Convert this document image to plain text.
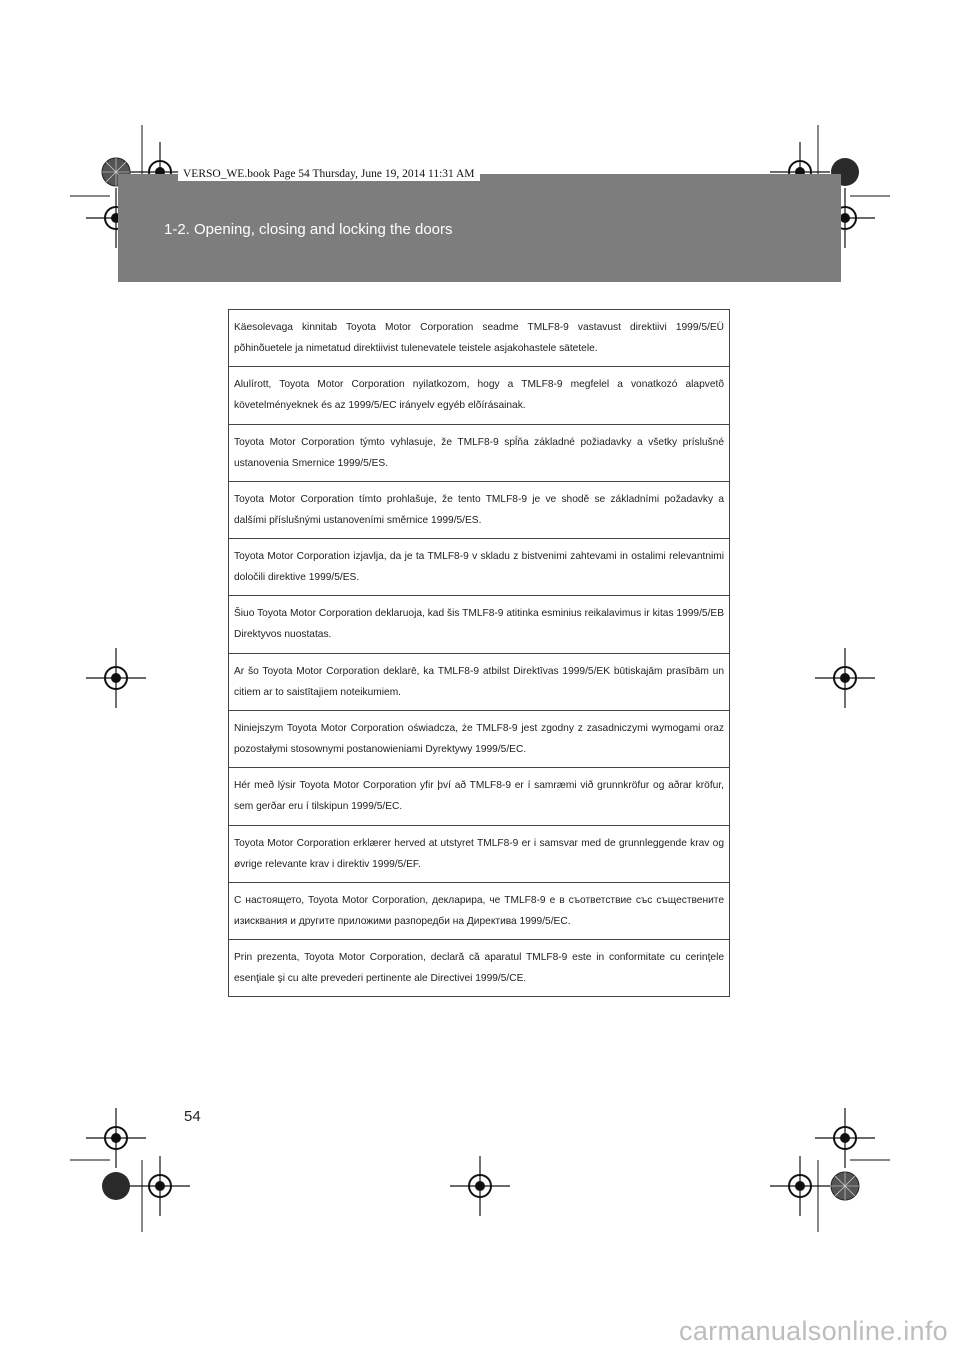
1-2. Opening, closing and locking the doors
VERSO_WE.book Page 54 Thursday, June 19, 2014 11:31 AM
Käesolevaga kinnitab Toyota Motor Corporation seadme TMLF8-9 vastavust direktiivi 1999/5/EÜ põhinõuetele ja nimetatud direktiivist tulenevatele teistele asjakohastele sätetele.
Alulírott, Toyota Motor Corporation nyilatkozom, hogy a TMLF8-9 megfelel a vonatkozó alapvetõ követelményeknek és az 1999/5/EC irányelv egyéb elõírásainak.
Toyota Motor Corporation týmto vyhlasuje, že TMLF8-9 spĺňa základné požiadavky a všetky príslušné ustanovenia Smernice 1999/5/ES.
Toyota Motor Corporation tímto prohlašuje, že tento TMLF8-9 je ve shodě se základními požadavky a dalšími příslušnými ustanoveními směrnice 1999/5/ES.
Toyota Motor Corporation izjavlja, da je ta TMLF8-9 v skladu z bistvenimi zahtevami in ostalimi relevantnimi določili direktive 1999/5/ES.
Šiuo Toyota Motor Corporation deklaruoja, kad šis TMLF8-9 atitinka esminius reikalavimus ir kitas 1999/5/EB Direktyvos nuostatas.
Ar šo Toyota Motor Corporation deklarē, ka TMLF8-9 atbilst Direktīvas 1999/5/EK būtiskajām prasībām un citiem ar to saistītajiem noteikumiem.
Niniejszym Toyota Motor Corporation oświadcza, że TMLF8-9 jest zgodny z zasadniczymi wymogami oraz pozostałymi stosownymi postanowieniami Dyrektywy 1999/5/EC.
Hér með lýsir Toyota Motor Corporation yfir því að TMLF8-9 er í samræmi við grunnkröfur og aðrar kröfur, sem gerðar eru í tilskipun 1999/5/EC.
Toyota Motor Corporation erklærer herved at utstyret TMLF8-9 er i samsvar med de grunnleggende krav og øvrige relevante krav i direktiv 1999/5/EF.
С настоящето, Toyota Motor Corporation, декларира, че TMLF8-9 е в съответствие със съществените изисквания и другите приложими разпоредби на Директива 1999/5/ЕС.
Prin prezenta, Toyota Motor Corporation, declară că aparatul TMLF8-9 este in conformitate cu cerinţele esenţiale şi cu alte prevederi pertinente ale Directivei 1999/5/CE.
54
carmanualsonline.info
